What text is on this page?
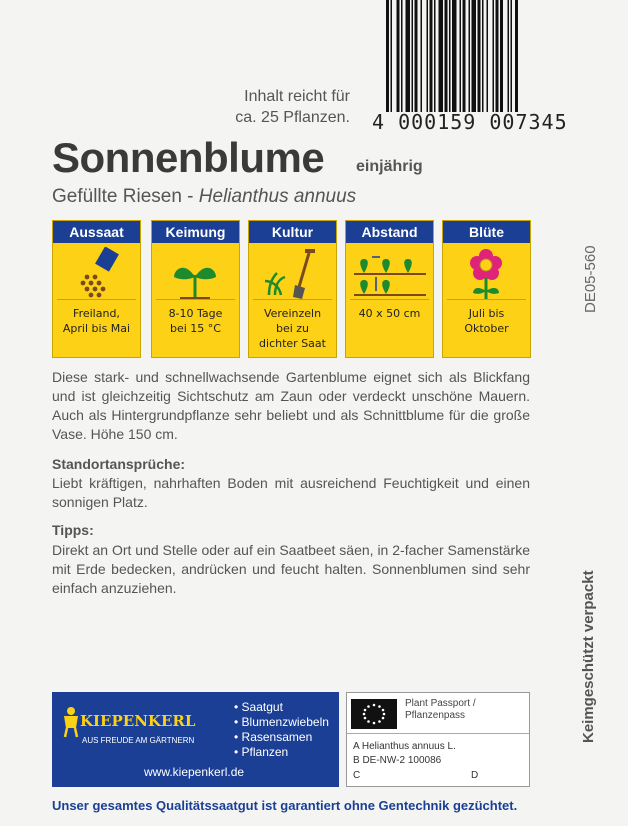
4 000159 007345
Inhalt reicht für
ca. 25 Pflanzen.
Sonnenblume einjährig
Gefüllte Riesen - Helianthus annuus
DE05-560
Keimgeschützt verpackt
Aussaat
Freiland,
April bis Mai
Keimung
8-10 Tage
bei 15 °C
Kultur
Vereinzeln
bei zu
dichter Saat
Abstand
40 x 50 cm
Blüte
Juli bis
Oktober
Diese stark- und schnellwachsende Gartenblume eignet sich als Blickfang und ist gleichzeitig Sichtschutz am Zaun oder verdeckt unschöne Mauern. Auch als Hintergrundpflanze sehr beliebt und als Schnittblume für die große Vase. Höhe 150 cm.
Standortansprüche:
Liebt kräftigen, nahrhaften Boden mit ausreichend Feuchtigkeit und einen sonnigen Platz.
Tipps:
Direkt an Ort und Stelle oder auf ein Saatbeet säen, in 2-facher Samenstärke mit Erde bedecken, andrücken und feucht halten. Sonnenblumen sind sehr einfach anzuziehen.
KIEPENKERL
AUS FREUDE AM GÄRTNERN
• Saatgut
• Blumenzwiebeln
• Rasensamen
• Pflanzen
www.kiepenkerl.de
Plant Passport /
Pflanzenpass
A Helianthus annuus L.
B DE-NW-2 100086
C	D
Unser gesamtes Qualitätssaatgut ist garantiert ohne Gentechnik gezüchtet.
